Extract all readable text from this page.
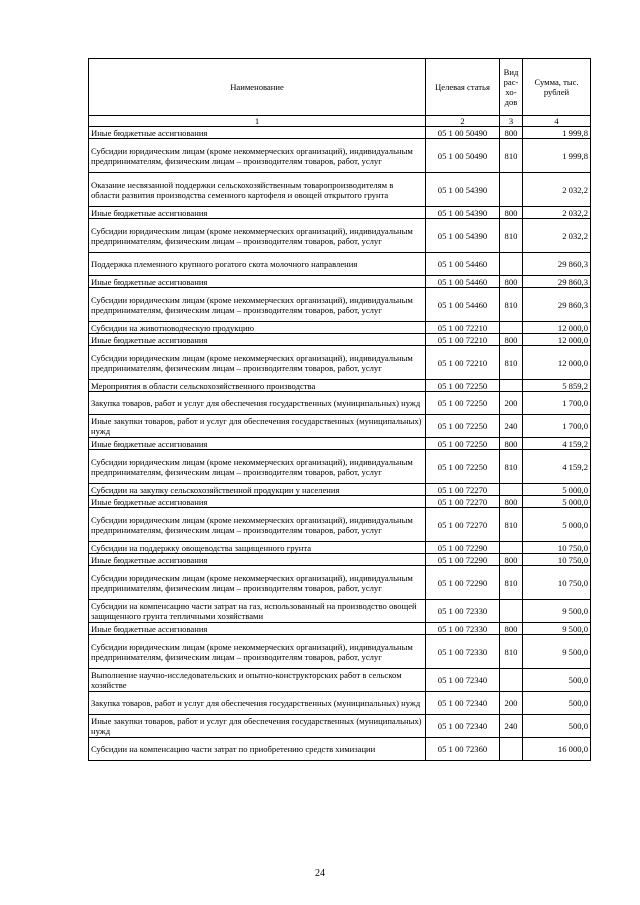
Наименование	Целевая статья	Вид рас- хо- дов	Сумма, тыс. рублей
1	2	3	4
Иные бюджетные ассигнования	05 1 00 50490	800	1 999,8
Субсидии юридическим лицам (кроме некоммерческих организаций), индивидуальным предпринимателям, физическим лицам – производителям товаров, работ, услуг	05 1 00 50490	810	1 999,8
Оказание несвязанной поддержки сельскохозяйственным товаропроизводителям в области развития производства семенного картофеля и овощей открытого грунта	05 1 00 54390		2 032,2
Иные бюджетные ассигнования	05 1 00 54390	800	2 032,2
Субсидии юридическим лицам (кроме некоммерческих организаций), индивидуальным предпринимателям, физическим лицам – производителям товаров, работ, услуг	05 1 00 54390	810	2 032,2
Поддержка племенного крупного рогатого скота молочного направления	05 1 00 54460		29 860,3
Иные бюджетные ассигнования	05 1 00 54460	800	29 860,3
Субсидии юридическим лицам (кроме некоммерческих организаций), индивидуальным предпринимателям, физическим лицам – производителям товаров, работ, услуг	05 1 00 54460	810	29 860,3
Субсидии на животноводческую продукцию	05 1 00 72210		12 000,0
Иные бюджетные ассигнования	05 1 00 72210	800	12 000,0
Субсидии юридическим лицам (кроме некоммерческих организаций), индивидуальным предпринимателям, физическим лицам – производителям товаров, работ, услуг	05 1 00 72210	810	12 000,0
Мероприятия в области сельскохозяйственного производства	05 1 00 72250		5 859,2
Закупка товаров, работ и услуг для обеспечения государственных (муниципальных) нужд	05 1 00 72250	200	1 700,0
Иные закупки товаров, работ и услуг для обеспечения государственных (муниципальных) нужд	05 1 00 72250	240	1 700,0
Иные бюджетные ассигнования	05 1 00 72250	800	4 159,2
Субсидии юридическим лицам (кроме некоммерческих организаций), индивидуальным предпринимателям, физическим лицам – производителям товаров, работ, услуг	05 1 00 72250	810	4 159,2
Субсидии на закупку сельскохозяйственной продукции у населения	05 1 00 72270		5 000,0
Иные бюджетные ассигнования	05 1 00 72270	800	5 000,0
Субсидии юридическим лицам (кроме некоммерческих организаций), индивидуальным предпринимателям, физическим лицам – производителям товаров, работ, услуг	05 1 00 72270	810	5 000,0
Субсидии на поддержку овощеводства защищенного грунта	05 1 00 72290		10 750,0
Иные бюджетные ассигнования	05 1 00 72290	800	10 750,0
Субсидии юридическим лицам (кроме некоммерческих организаций), индивидуальным предпринимателям, физическим лицам – производителям товаров, работ, услуг	05 1 00 72290	810	10 750,0
Субсидии на компенсацию части затрат на газ, использованный на производство овощей защищенного грунта тепличными хозяйствами	05 1 00 72330		9 500,0
Иные бюджетные ассигнования	05 1 00 72330	800	9 500,0
Субсидии юридическим лицам (кроме некоммерческих организаций), индивидуальным предпринимателям, физическим лицам – производителям товаров, работ, услуг	05 1 00 72330	810	9 500,0
Выполнение научно-исследовательских и опытно-конструкторских работ в сельском хозяйстве	05 1 00 72340		500,0
Закупка товаров, работ и услуг для обеспечения государственных (муниципальных) нужд	05 1 00 72340	200	500,0
Иные закупки товаров, работ и услуг для обеспечения государственных (муниципальных) нужд	05 1 00 72340	240	500,0
Субсидии на компенсацию части затрат по приобретению средств химизации	05 1 00 72360		16 000,0
24
